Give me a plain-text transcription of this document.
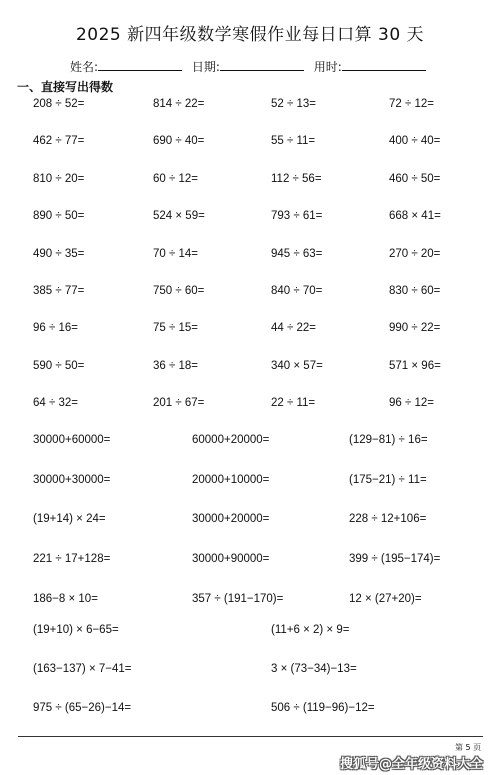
2025 新四年级数学寒假作业每日口算 30 天
姓名:	日期:	用时:
一、直接写出得数
208 ÷ 52=	814 ÷ 22=	52 ÷ 13=	72 ÷ 12=
462 ÷ 77=	690 ÷ 40=	55 ÷ 11=	400 ÷ 40=
810 ÷ 20=	60 ÷ 12=	112 ÷ 56=	460 ÷ 50=
890 ÷ 50=	524 × 59=	793 ÷ 61=	668 × 41=
490 ÷ 35=	70 ÷ 14=	945 ÷ 63=	270 ÷ 20=
385 ÷ 77=	750 ÷ 60=	840 ÷ 70=	830 ÷ 60=
96 ÷ 16=	75 ÷ 15=	44 ÷ 22=	990 ÷ 22=
590 ÷ 50=	36 ÷ 18=	340 × 57=	571 × 96=
64 ÷ 32=	201 ÷ 67=	22 ÷ 11=	96 ÷ 12=
30000+60000=	60000+20000=	(129−81) ÷ 16=
30000+30000=	20000+10000=	(175−21) ÷ 11=
(19+14) × 24=	30000+20000=	228 ÷ 12+106=
221 ÷ 17+128=	30000+90000=	399 ÷ (195−174)=
186−8 × 10=	357 ÷ (191−170)=	12 × (27+20)=
(19+10) × 6−65=	(11+6 × 2) × 9=
(163−137) × 7−41=	3 × (73−34)−13=
975 ÷ (65−26)−14=	506 ÷ (119−96)−12=
第 5 页
搜狐号@全年级资料大全
